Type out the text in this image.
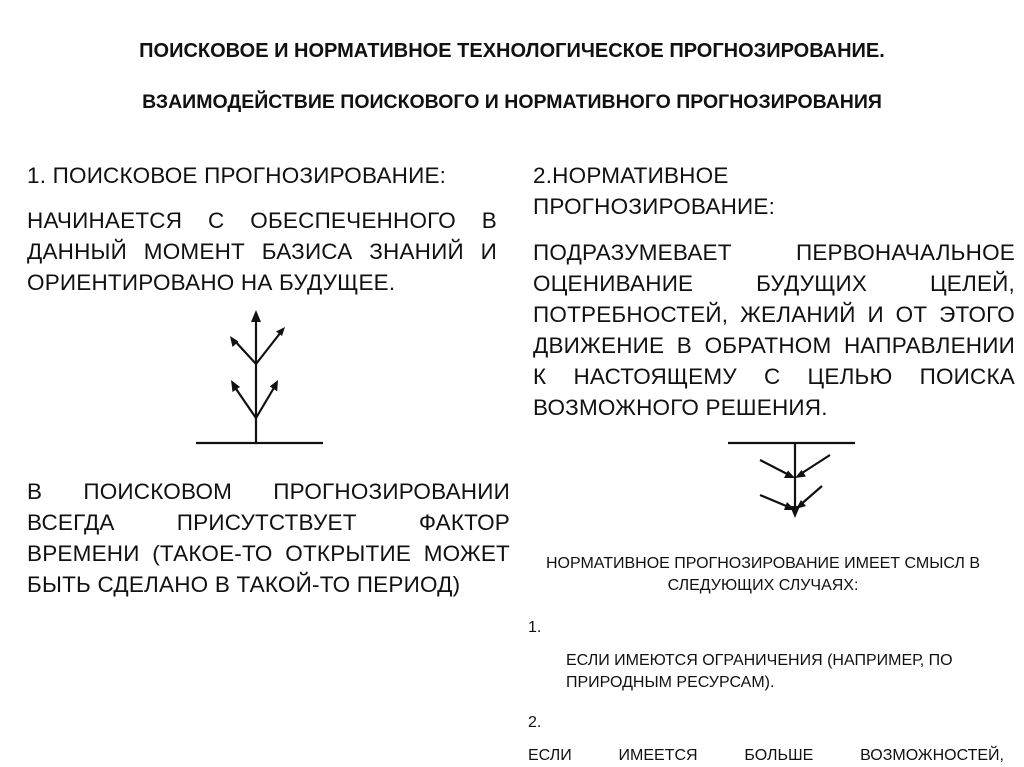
ПОИСКОВОЕ И НОРМАТИВНОЕ ТЕХНОЛОГИЧЕСКОЕ ПРОГНОЗИРОВАНИЕ.
ВЗАИМОДЕЙСТВИЕ ПОИСКОВОГО И НОРМАТИВНОГО ПРОГНОЗИРОВАНИЯ
1. ПОИСКОВОЕ ПРОГНОЗИРОВАНИЕ:
НАЧИНАЕТСЯ С ОБЕСПЕЧЕННОГО В ДАННЫЙ МОМЕНТ БАЗИСА ЗНАНИЙ И ОРИЕНТИРОВАНО НА БУДУЩЕЕ.
В ПОИСКОВОМ ПРОГНОЗИРОВАНИИ ВСЕГДА ПРИСУТСТВУЕТ ФАКТОР ВРЕМЕНИ (ТАКОЕ-ТО ОТКРЫТИЕ МОЖЕТ БЫТЬ СДЕЛАНО В ТАКОЙ-ТО ПЕРИОД)
2.НОРМАТИВНОЕ ПРОГНОЗИРОВАНИЕ:
ПОДРАЗУМЕВАЕТ ПЕРВОНАЧАЛЬНОЕ ОЦЕНИВАНИЕ БУДУЩИХ ЦЕЛЕЙ, ПОТРЕБНОСТЕЙ, ЖЕЛАНИЙ И ОТ ЭТОГО ДВИЖЕНИЕ В ОБРАТНОМ НАПРАВЛЕНИИ К НАСТОЯЩЕМУ С ЦЕЛЬЮ ПОИСКА ВОЗМОЖНОГО РЕШЕНИЯ.
НОРМАТИВНОЕ ПРОГНОЗИРОВАНИЕ ИМЕЕТ СМЫСЛ В СЛЕДУЮЩИХ СЛУЧАЯХ:
1.
ЕСЛИ ИМЕЮТСЯ ОГРАНИЧЕНИЯ (НАПРИМЕР, ПО ПРИРОДНЫМ РЕСУРСАМ).
2.
ЕСЛИ ИМЕЕТСЯ БОЛЬШЕ ВОЗМОЖНОСТЕЙ,
